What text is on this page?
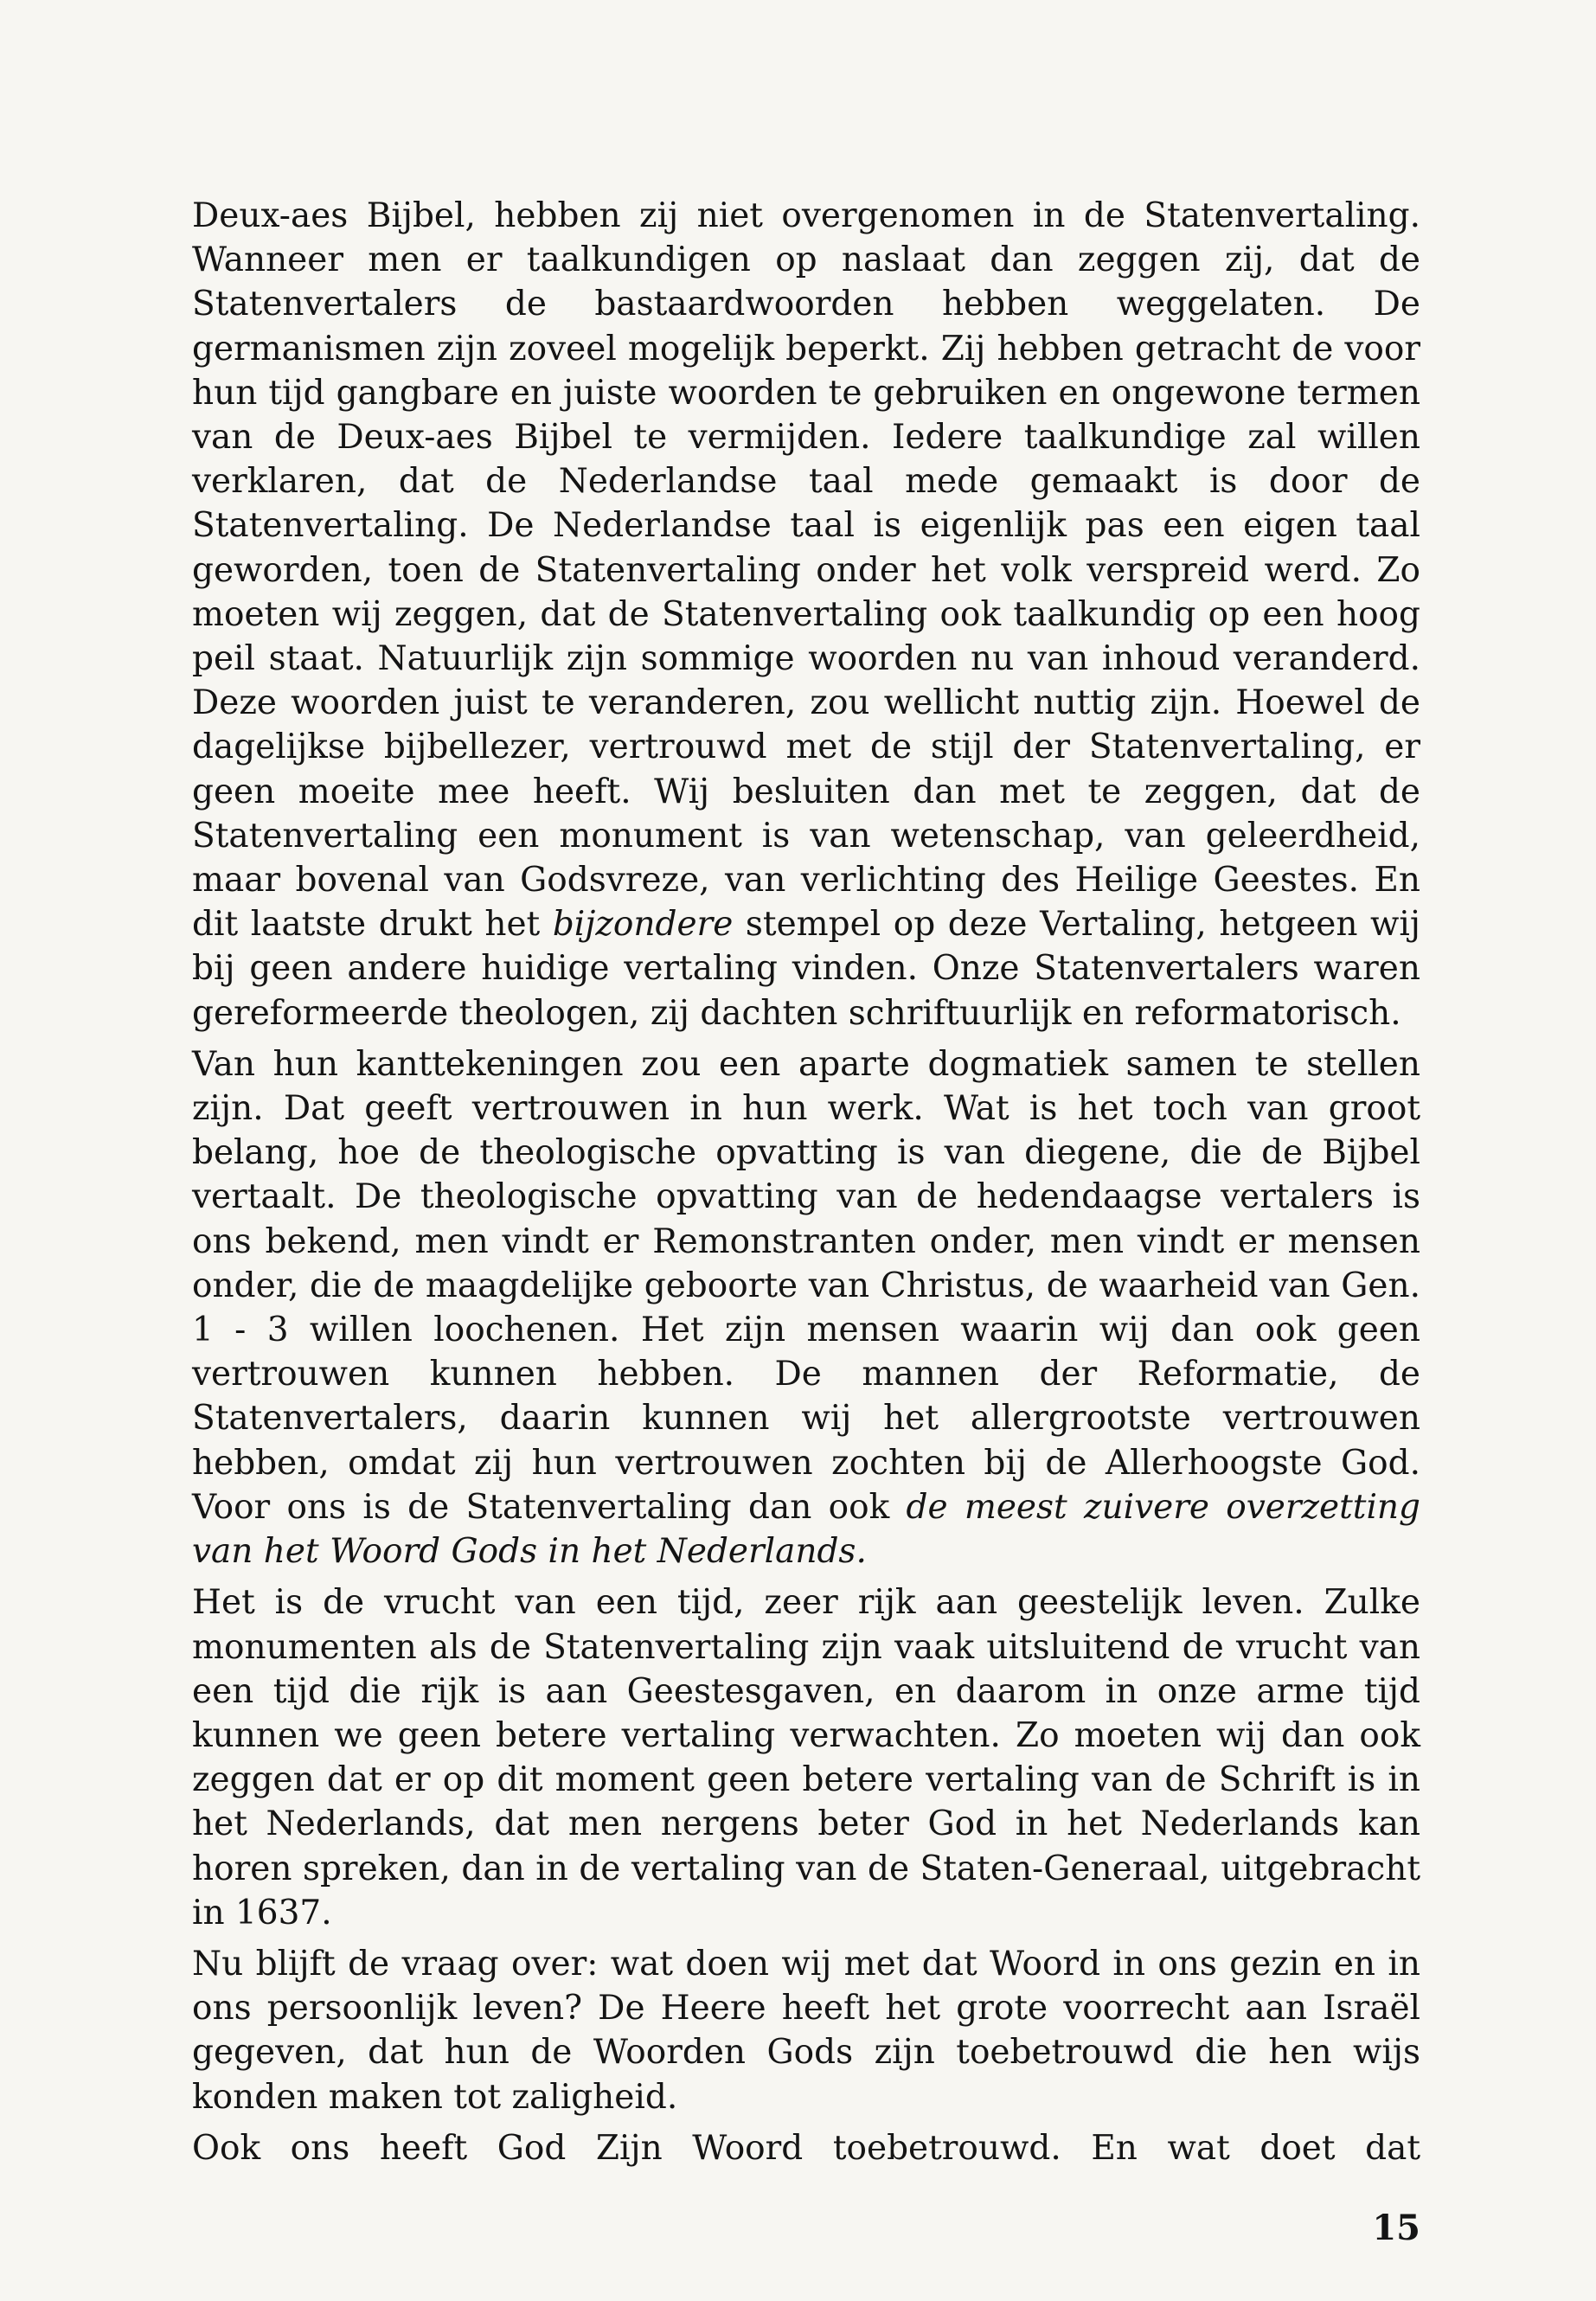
Deux-aes Bijbel, hebben zij niet overgenomen in de Statenvertaling. Wanneer men er taalkundigen op naslaat dan zeggen zij, dat de Statenvertalers de bastaardwoorden hebben weggelaten. De germanismen zijn zoveel mogelijk beperkt. Zij hebben getracht de voor hun tijd gangbare en juiste woorden te gebruiken en ongewone termen van de Deux-aes Bijbel te vermijden. Iedere taalkundige zal willen verklaren, dat de Nederlandse taal mede gemaakt is door de Statenvertaling. De Nederlandse taal is eigenlijk pas een eigen taal geworden, toen de Statenvertaling onder het volk verspreid werd. Zo moeten wij zeggen, dat de Statenvertaling ook taalkundig op een hoog peil staat. Natuurlijk zijn sommige woorden nu van inhoud veranderd. Deze woorden juist te veranderen, zou wellicht nuttig zijn. Hoewel de dagelijkse bijbellezer, vertrouwd met de stijl der Statenvertaling, er geen moeite mee heeft. Wij besluiten dan met te zeggen, dat de Statenvertaling een monument is van wetenschap, van geleerdheid, maar bovenal van Godsvreze, van verlichting des Heilige Geestes. En dit laatste drukt het bijzondere stempel op deze Vertaling, hetgeen wij bij geen andere huidige vertaling vinden. Onze Statenvertalers waren gereformeerde theologen, zij dachten schriftuurlijk en reformatorisch.

Van hun kanttekeningen zou een aparte dogmatiek samen te stellen zijn. Dat geeft vertrouwen in hun werk. Wat is het toch van groot belang, hoe de theologische opvatting is van diegene, die de Bijbel vertaalt. De theologische opvatting van de hedendaagse vertalers is ons bekend, men vindt er Remonstranten onder, men vindt er mensen onder, die de maagdelijke geboorte van Christus, de waarheid van Gen. 1 - 3 willen loochenen. Het zijn mensen waarin wij dan ook geen vertrouwen kunnen hebben. De mannen der Reformatie, de Statenvertalers, daarin kunnen wij het allergrootste vertrouwen hebben, omdat zij hun vertrouwen zochten bij de Allerhoogste God. Voor ons is de Statenvertaling dan ook de meest zuivere overzetting van het Woord Gods in het Nederlands.

Het is de vrucht van een tijd, zeer rijk aan geestelijk leven. Zulke monumenten als de Statenvertaling zijn vaak uitsluitend de vrucht van een tijd die rijk is aan Geestesgaven, en daarom in onze arme tijd kunnen we geen betere vertaling verwachten. Zo moeten wij dan ook zeggen dat er op dit moment geen betere vertaling van de Schrift is in het Nederlands, dat men nergens beter God in het Nederlands kan horen spreken, dan in de vertaling van de Staten-Generaal, uitgebracht in 1637.

Nu blijft de vraag over: wat doen wij met dat Woord in ons gezin en in ons persoonlijk leven? De Heere heeft het grote voorrecht aan Israël gegeven, dat hun de Woorden Gods zijn toebetrouwd die hen wijs konden maken tot zaligheid.

Ook ons heeft God Zijn Woord toebetrouwd. En wat doet dat

15
